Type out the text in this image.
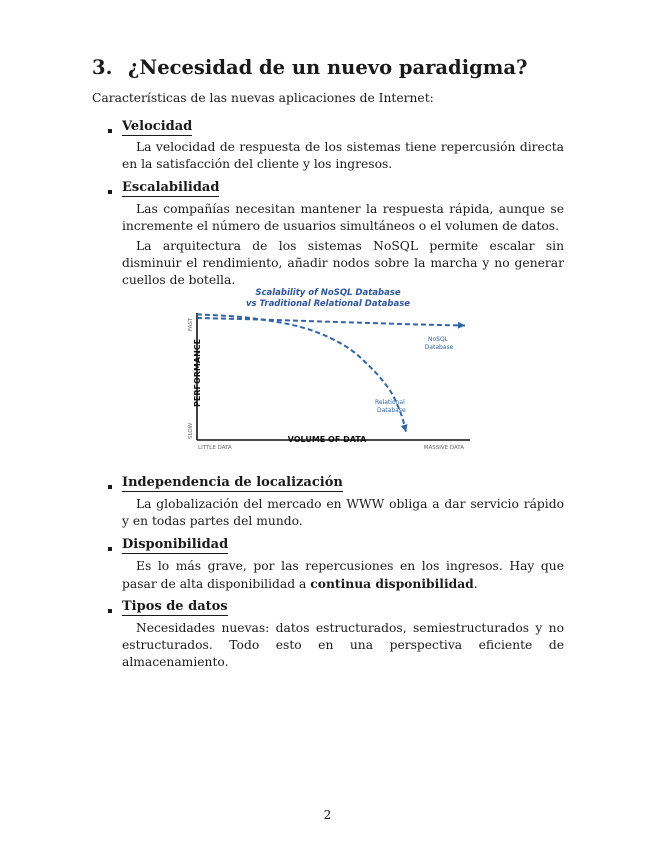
3. ¿Necesidad de un nuevo paradigma?
Características de las nuevas aplicaciones de Internet:
Velocidad
La velocidad de respuesta de los sistemas tiene repercusión directa en la satisfacción del cliente y los ingresos.
Escalabilidad
Las compañías necesitan mantener la respuesta rápida, aunque se incremente el número de usuarios simultáneos o el volumen de datos.
La arquitectura de los sistemas NoSQL permite escalar sin disminuir el rendimiento, añadir nodos sobre la marcha y no generar cuellos de botella.
Scalability of NoSQL Database
vs Traditional Relational Database
FAST
SLOW
PERFORMANCE
LITTLE DATA
VOLUME OF DATA
MASSIVE DATA
NoSQL Database
Relational Database
Independencia de localización
La globalización del mercado en WWW obliga a dar servicio rápido y en todas partes del mundo.
Disponibilidad
Es lo más grave, por las repercusiones en los ingresos. Hay que pasar de alta disponibilidad a continua disponibilidad.
Tipos de datos
Necesidades nuevas: datos estructurados, semiestructurados y no estructurados. Todo esto en una perspectiva eficiente de almacenamiento.
2
